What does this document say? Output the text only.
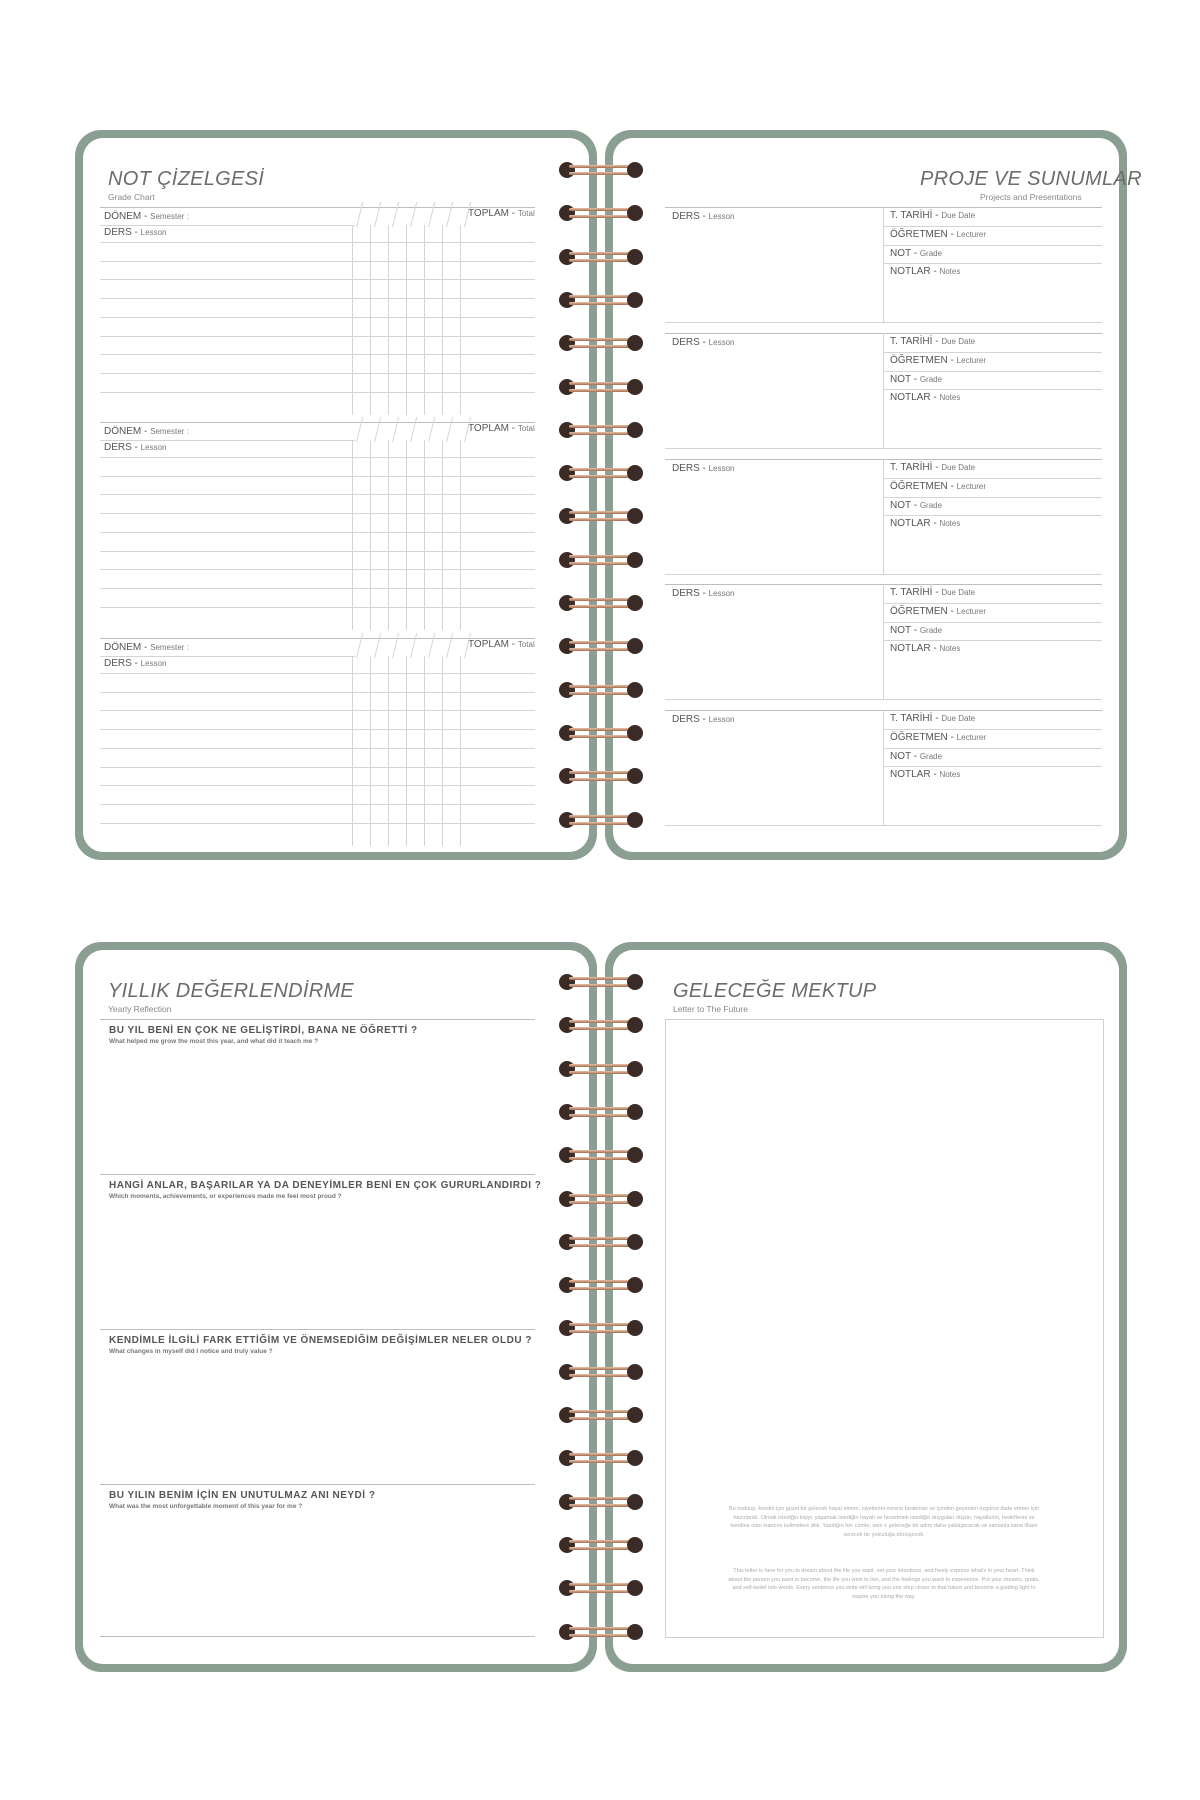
NOT ÇİZELGESİ
Grade Chart
DÖNEM - Semester :	TOPLAM - Total
DERS - Lesson
DÖNEM - Semester :	TOPLAM - Total
DERS - Lesson
DÖNEM - Semester :	TOPLAM - Total
DERS - Lesson
PROJE VE SUNUMLAR
Projects and Presentations
DERS - Lesson	T. TARİHİ - Due Date
ÖĞRETMEN - Lecturer
NOT - Grade
NOTLAR - Notes
DERS - Lesson	T. TARİHİ - Due Date
ÖĞRETMEN - Lecturer
NOT - Grade
NOTLAR - Notes
DERS - Lesson	T. TARİHİ - Due Date
ÖĞRETMEN - Lecturer
NOT - Grade
NOTLAR - Notes
DERS - Lesson	T. TARİHİ - Due Date
ÖĞRETMEN - Lecturer
NOT - Grade
NOTLAR - Notes
DERS - Lesson	T. TARİHİ - Due Date
ÖĞRETMEN - Lecturer
NOT - Grade
NOTLAR - Notes
YILLIK DEĞERLENDİRME
Yearly Reflection
BU YIL BENİ EN ÇOK NE GELİŞTİRDİ, BANA NE ÖĞRETTİ ?
What helped me grow the most this year, and what did it teach me ?
HANGİ ANLAR, BAŞARILAR YA DA DENEYİMLER BENİ EN ÇOK GURURLANDIRDI ?
Which moments, achievements, or experiences made me feel most proud ?
KENDİMLE İLGİLİ FARK ETTİĞİM VE ÖNEMSEDİĞİM DEĞİŞİMLER NELER OLDU ?
What changes in myself did I notice and truly value ?
BU YILIN BENİM İÇİN EN UNUTULMAZ ANI NEYDİ ?
What was the most unforgettable moment of this year for me ?
GELECEĞE MEKTUP
Letter to The Future
Bu mektup, kendin için güzel bir gelecek hayal etmen, niyetlerini evrene bırakman ve içinden geçenleri özgürce ifade etmen için hazırlandı. Olmak istediğin kişiyi, yaşamak istediğin hayatı ve hissetmek istediğin duyguları düşün; hayallerini, hedeflerini ve kendine olan inancını kelimelere dök. Yazdığın her cümle, seni o geleceğe bir adım daha yaklaştıracak ve zamanla sana ilham verecek bir yolculuğa dönüşecek.
This letter is here for you to dream about the life you want, set your intentions, and freely express what's in your heart. Think about the person you want to become, the life you wish to live, and the feelings you want to experience. Put your dreams, goals, and self-belief into words. Every sentence you write will bring you one step closer to that future and become a guiding light to inspire you along the way.
